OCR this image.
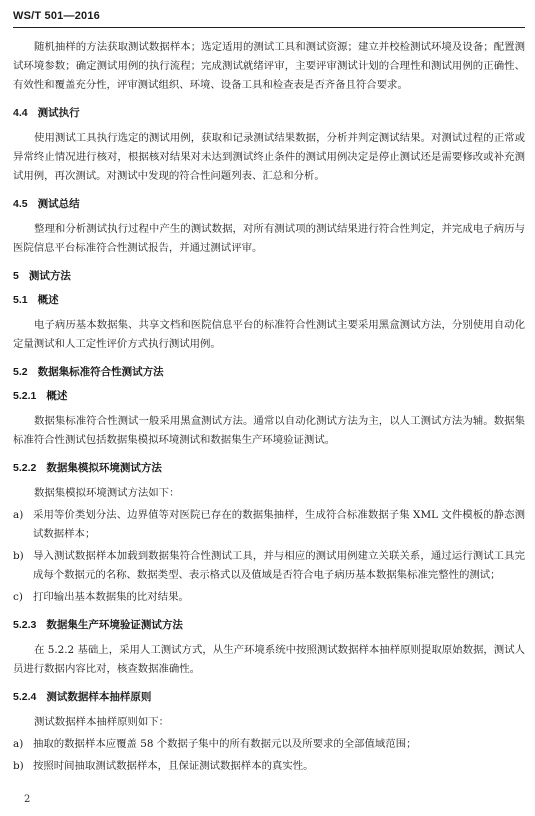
WS/T 501—2016

随机抽样的方法获取测试数据样本；选定适用的测试工具和测试资源；建立并校检测试环境及设备；配置测试环境参数；确定测试用例的执行流程；完成测试就绪评审，主要评审测试计划的合理性和测试用例的正确性、有效性和覆盖充分性，评审测试组织、环境、设备工具和检查表是否齐备且符合要求。

4.4 测试执行

使用测试工具执行选定的测试用例，获取和记录测试结果数据，分析并判定测试结果。对测试过程的正常或异常终止情况进行核对，根据核对结果对未达到测试终止条件的测试用例决定是停止测试还是需要修改或补充测试用例，再次测试。对测试中发现的符合性问题列表、汇总和分析。

4.5 测试总结

整理和分析测试执行过程中产生的测试数据，对所有测试项的测试结果进行符合性判定，并完成电子病历与医院信息平台标准符合性测试报告，并通过测试评审。

5 测试方法
5.1 概述

电子病历基本数据集、共享文档和医院信息平台的标准符合性测试主要采用黑盒测试方法，分别使用自动化定量测试和人工定性评价方式执行测试用例。

5.2 数据集标准符合性测试方法
5.2.1 概述

数据集标准符合性测试一般采用黑盒测试方法。通常以自动化测试方法为主，以人工测试方法为辅。数据集标准符合性测试包括数据集模拟环境测试和数据集生产环境验证测试。

5.2.2 数据集模拟环境测试方法

数据集模拟环境测试方法如下：

a) 采用等价类划分法、边界值等对医院已存在的数据集抽样，生成符合标准数据子集 XML 文件模板的静态测试数据样本；
b) 导入测试数据样本加载到数据集符合性测试工具，并与相应的测试用例建立关联关系，通过运行测试工具完成每个数据元的名称、数据类型、表示格式以及值域是否符合电子病历基本数据集标准完整性的测试；
c) 打印输出基本数据集的比对结果。
5.2.3 数据集生产环境验证测试方法

在 5.2.2 基础上，采用人工测试方式，从生产环境系统中按照测试数据样本抽样原则提取原始数据，测试人员进行数据内容比对，核查数据准确性。

5.2.4 测试数据样本抽样原则

测试数据样本抽样原则如下：

a) 抽取的数据样本应覆盖 58 个数据子集中的所有数据元以及所要求的全部值域范围；
b) 按照时间抽取测试数据样本，且保证测试数据样本的真实性。
2
